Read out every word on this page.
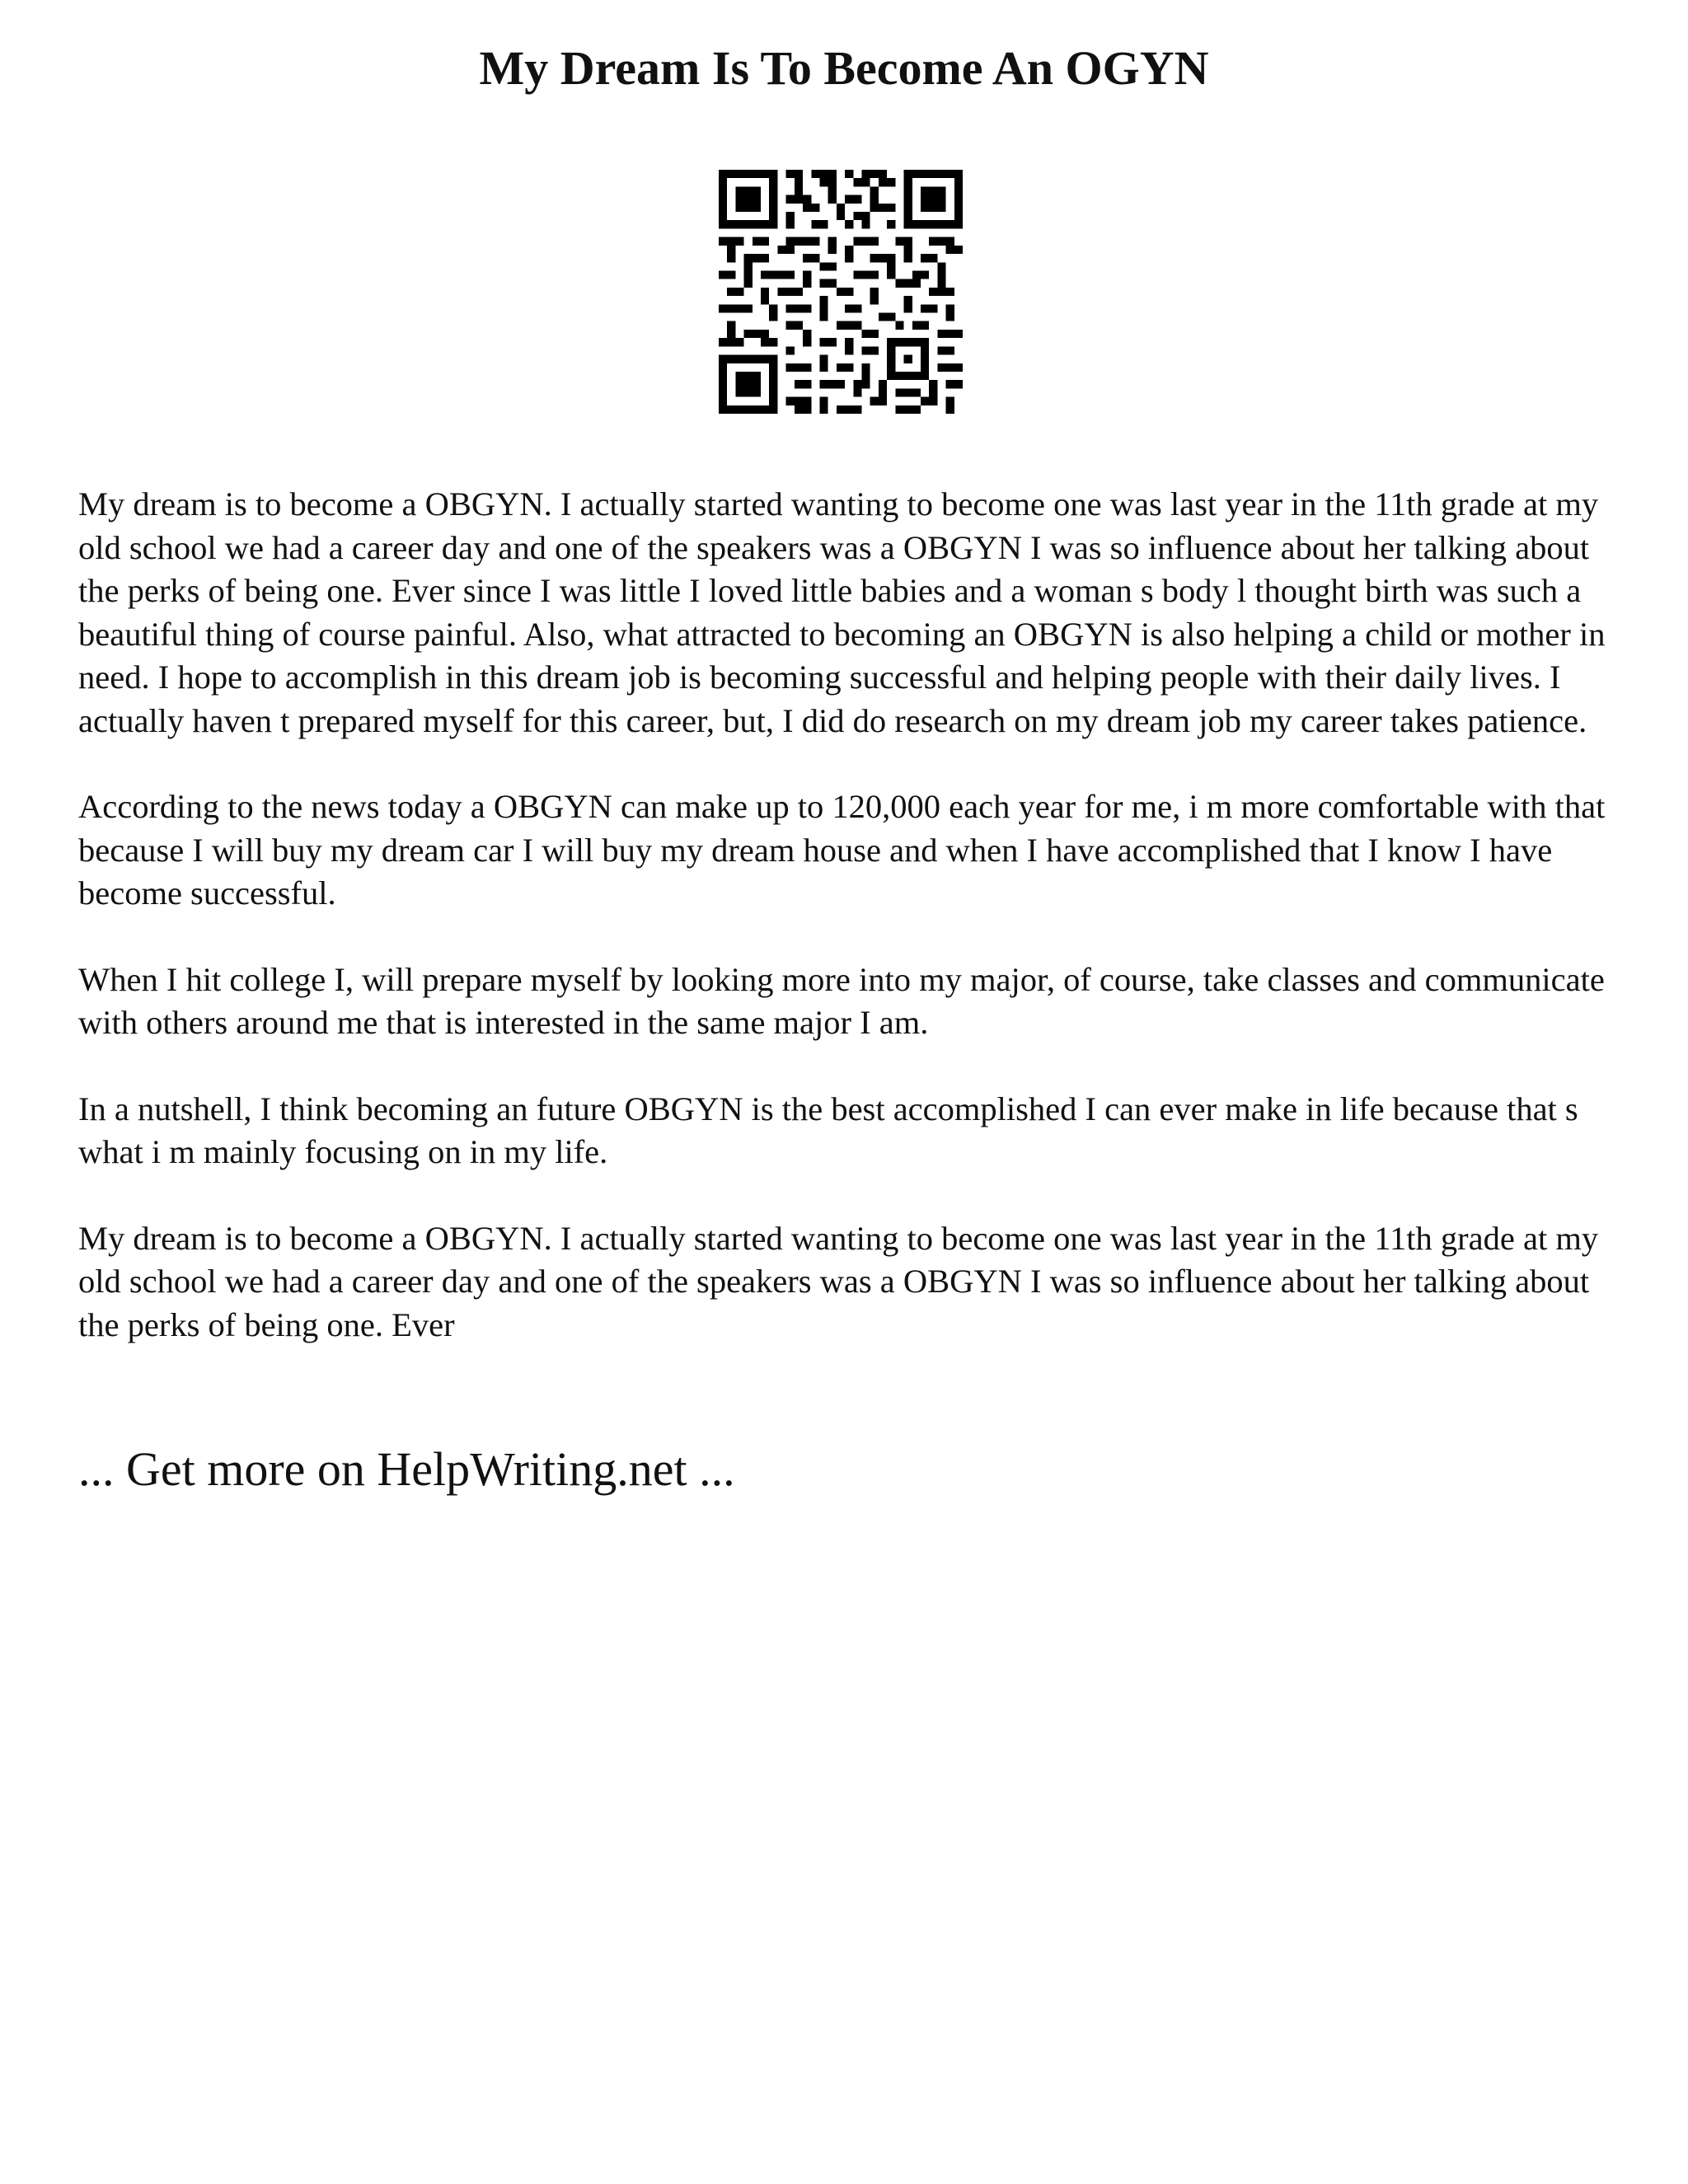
My Dream Is To Become An OGYN

My dream is to become a OBGYN. I actually started wanting to become one was last year in the 11th grade at my old school we had a career day and one of the speakers was a OBGYN I was so influence about her talking about the perks of being one. Ever since I was little I loved little babies and a woman s body l thought birth was such a beautiful thing of course painful. Also, what attracted to becoming an OBGYN is also helping a child or mother in need. I hope to accomplish in this dream job is becoming successful and helping people with their daily lives. I actually haven t prepared myself for this career, but, I did do research on my dream job my career takes patience.

According to the news today a OBGYN can make up to 120,000 each year for me, i m more comfortable with that because I will buy my dream car I will buy my dream house and when I have accomplished that I know I have become successful.

When I hit college I, will prepare myself by looking more into my major, of course, take classes and communicate with others around me that is interested in the same major I am.

In a nutshell, I think becoming an future OBGYN is the best accomplished I can ever make in life because that s what i m mainly focusing on in my life.

My dream is to become a OBGYN. I actually started wanting to become one was last year in the 11th grade at my old school we had a career day and one of the speakers was a OBGYN I was so influence about her talking about the perks of being one. Ever

... Get more on HelpWriting.net ...
